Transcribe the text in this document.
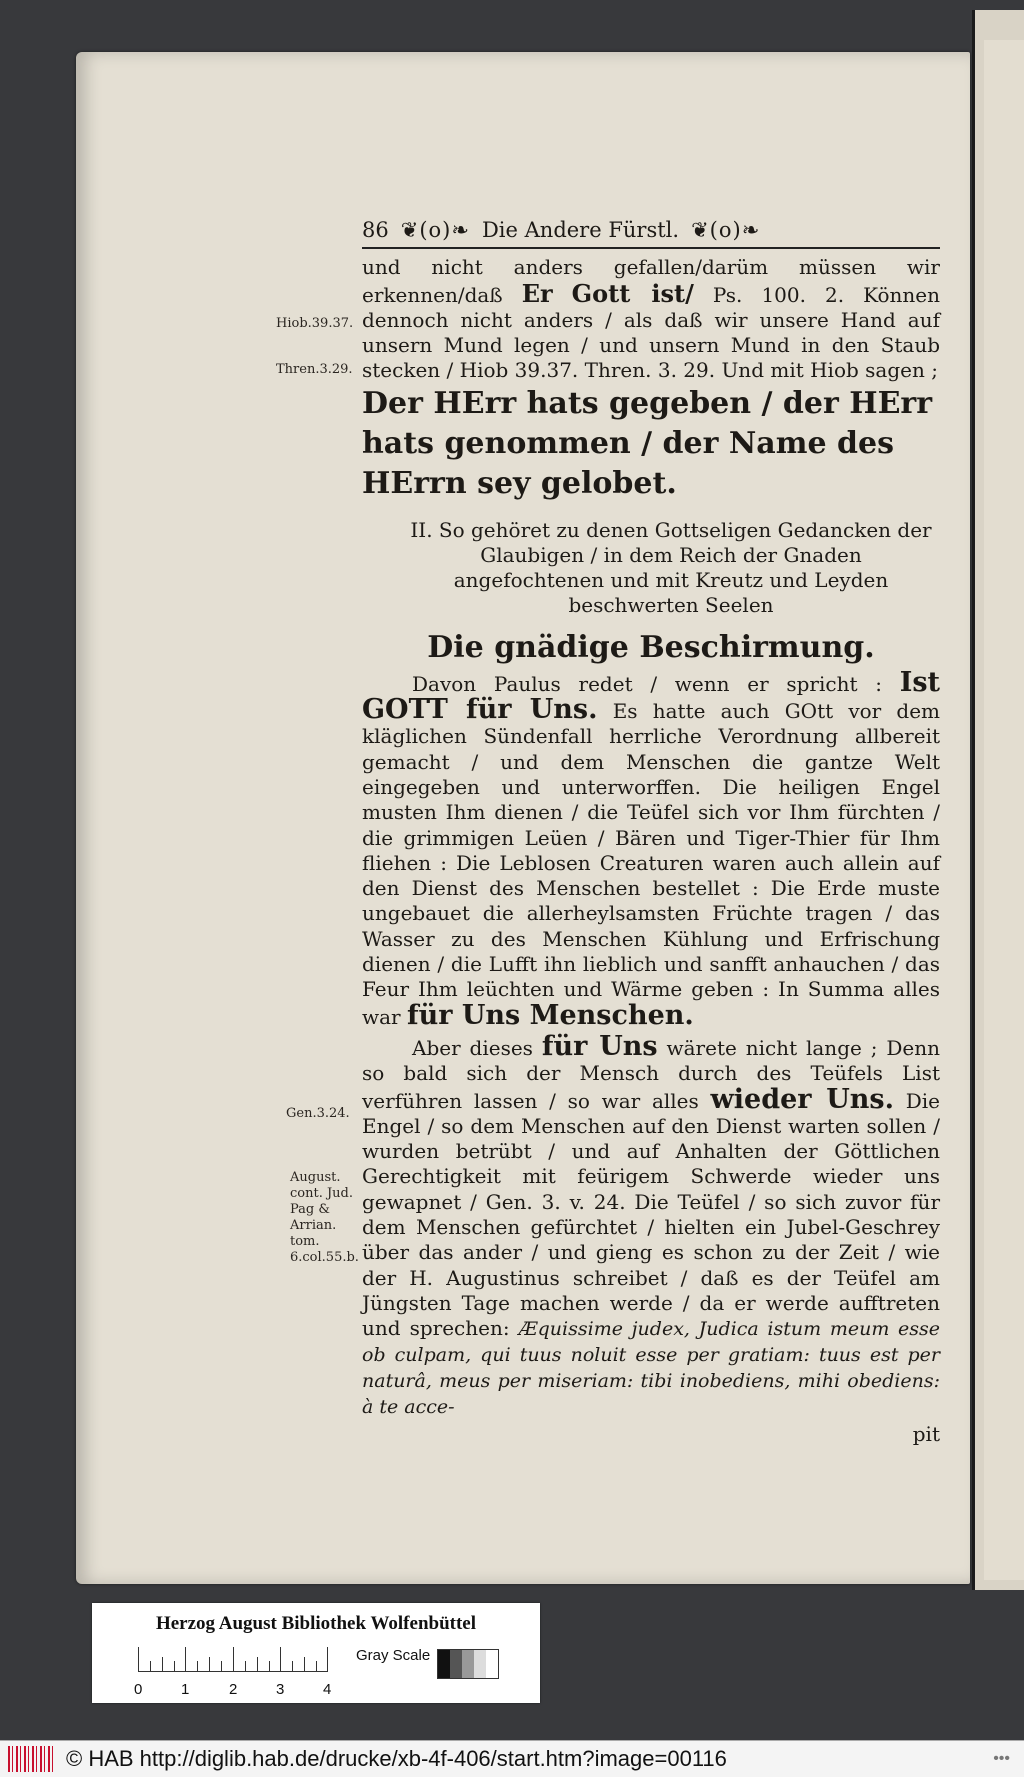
Hiob.39.37.
Thren.3.29.
Gen.3.24.
August. cont. Jud. Pag & Arrian. tom. 6.col.55.b.
86 ❦(o)❧ Die Andere Fürstl. ❦(o)❧
und nicht anders gefallen/darüm müssen wir erkennen/daß Er Gott ist/ Ps. 100. 2. Können dennoch nicht anders / als daß wir unsere Hand auf unsern Mund legen / und unsern Mund in den Staub stecken / Hiob 39.37. Thren. 3. 29. Und mit Hiob sagen ;
Der HErr hats gegeben / der HErr hats genommen / der Name des HErrn sey gelobet.
II. So gehöret zu denen Gottseligen Gedancken der Glaubigen / in dem Reich der Gnaden angefochtenen und mit Kreutz und Leyden beschwerten Seelen
Die gnädige Beschirmung.
Davon Paulus redet / wenn er spricht : Ist GOTT für Uns. Es hatte auch GOtt vor dem kläglichen Sündenfall herrliche Verordnung allbereit gemacht / und dem Menschen die gantze Welt eingegeben und unterworffen. Die heiligen Engel musten Ihm dienen / die Teüfel sich vor Ihm fürchten / die grimmigen Leüen / Bären und Tiger-Thier für Ihm fliehen : Die Leblosen Creaturen waren auch allein auf den Dienst des Menschen bestellet : Die Erde muste ungebauet die allerheylsamsten Früchte tragen / das Wasser zu des Menschen Kühlung und Erfrischung dienen / die Lufft ihn lieblich und sanfft anhauchen / das Feur Ihm leüchten und Wärme geben : In Summa alles war für Uns Menschen.
Aber dieses für Uns wärete nicht lange ; Denn so bald sich der Mensch durch des Teüfels List verführen lassen / so war alles wieder Uns. Die Engel / so dem Menschen auf den Dienst warten sollen / wurden betrübt / und auf Anhalten der Göttlichen Gerechtigkeit mit feürigem Schwerde wieder uns gewapnet / Gen. 3. v. 24. Die Teüfel / so sich zuvor für dem Menschen gefürchtet / hielten ein Jubel-Geschrey über das ander / und gieng es schon zu der Zeit / wie der H. Augustinus schreibet / daß es der Teüfel am Jüngsten Tage machen werde / da er werde aufftreten und sprechen: Æquissime judex, Judica istum meum esse ob culpam, qui tuus noluit esse per gratiam: tuus est per naturâ, meus per miseriam: tibi inobediens, mihi obediens: à te acce-
pit
Herzog August Bibliothek Wolfenbüttel
0	1	2	3	4
Gray Scale
© HAB http://diglib.hab.de/drucke/xb-4f-406/start.htm?image=00116	•••
